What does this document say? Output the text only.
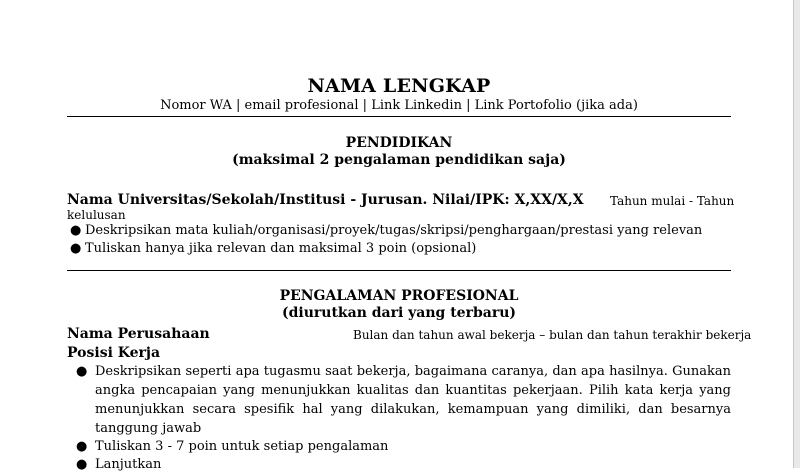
NAMA LENGKAP
Nomor WA | email profesional | Link Linkedin | Link Portofolio (jika ada)
PENDIDIKAN
(maksimal 2 pengalaman pendidikan saja)
Nama Universitas/Sekolah/Institusi - Jurusan. Nilai/IPK: X,XX/X,X Tahun mulai - Tahun
kelulusan
● Deskripsikan mata kuliah/organisasi/proyek/tugas/skripsi/penghargaan/prestasi yang relevan
● Tuliskan hanya jika relevan dan maksimal 3 poin (opsional)
PENGALAMAN PROFESIONAL
(diurutkan dari yang terbaru)
Nama Perusahaan	Bulan dan tahun awal bekerja – bulan dan tahun terakhir bekerja
Posisi Kerja
● Deskripsikan seperti apa tugasmu saat bekerja, bagaimana caranya, dan apa hasilnya. Gunakan angka pencapaian yang menunjukkan kualitas dan kuantitas pekerjaan. Pilih kata kerja yang menunjukkan secara spesifik hal yang dilakukan, kemampuan yang dimiliki, dan besarnya tanggung jawab
● Tuliskan 3 - 7 poin untuk setiap pengalaman
● Lanjutkan
